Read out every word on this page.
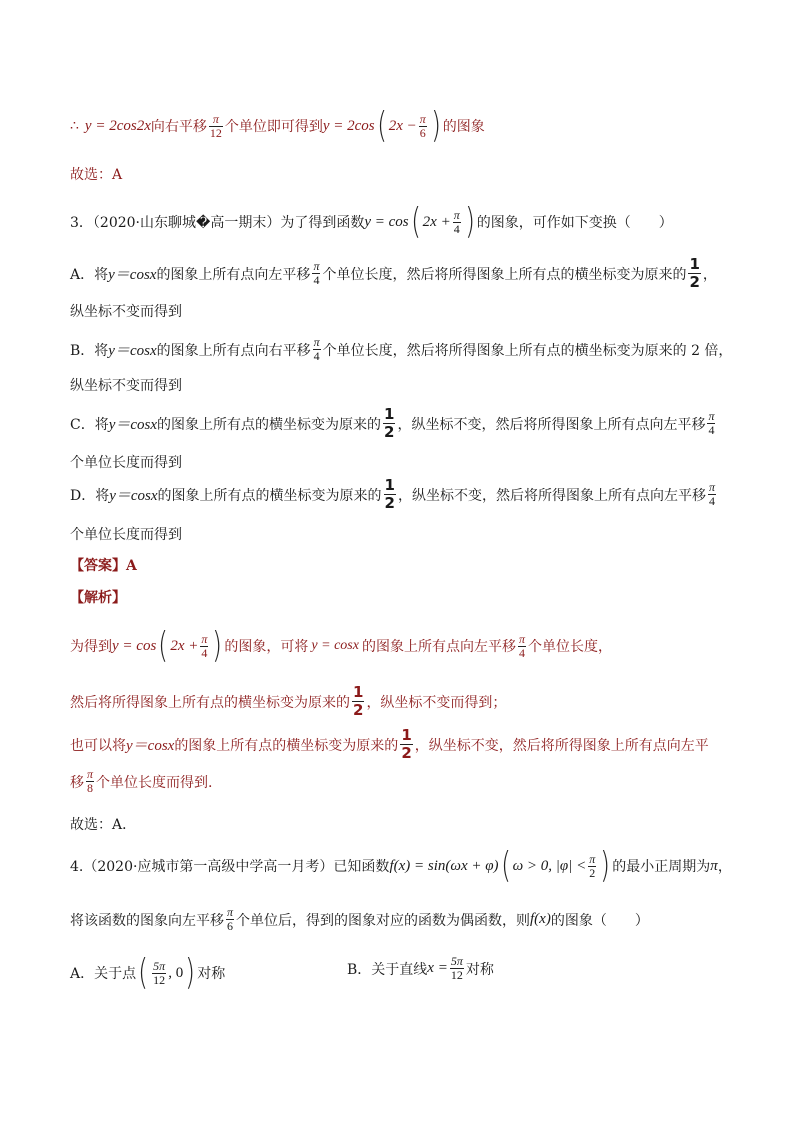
∴ y = 2cos2x 向右平移 $\frac{\pi}{12}$ 个单位即可得到 y = 2cos ( $2x - \frac{\pi}{6}$ ) 的图象
故选：A
3．（2020·山东聊城�高一期末）为了得到函数 y = cos ( $2x + \frac{\pi}{4}$ ) 的图象，可作如下变换（　　）
A．将 y＝cosx 的图象上所有点向左平移 $\frac{\pi}{4}$ 个单位长度，然后将所得图象上所有点的横坐标变为原来的 $\frac{1}{2}$ ，
纵坐标不变而得到
B．将 y＝cosx 的图象上所有点向右平移 $\frac{\pi}{4}$ 个单位长度，然后将所得图象上所有点的横坐标变为原来的 2 倍，
纵坐标不变而得到
C．将 y＝cosx 的图象上所有点的横坐标变为原来的 $\frac{1}{2}$ ，纵坐标不变，然后将所得图象上所有点向左平移 $\frac{\pi}{4}$
个单位长度而得到
D．将 y＝cosx 的图象上所有点的横坐标变为原来的 $\frac{1}{2}$ ，纵坐标不变，然后将所得图象上所有点向左平移 $\frac{\pi}{4}$
个单位长度而得到
【答案】A
【解析】
为得到 y = cos ( $2x + \frac{\pi}{4}$ ) 的图象，可将 y = cosx 的图象上所有点向左平移 $\frac{\pi}{4}$ 个单位长度，
然后将所得图象上所有点的横坐标变为原来的 $\frac{1}{2}$ ，纵坐标不变而得到；
也可以将 y＝cosx 的图象上所有点的横坐标变为原来的 $\frac{1}{2}$ ，纵坐标不变，然后将所得图象上所有点向左平
移 $\frac{\pi}{8}$ 个单位长度而得到.
故选：A．
4.（2020·应城市第一高级中学高一月考）已知函数 f(x) = sin(ωx + φ) ( ω > 0, $|\varphi| < \frac{\pi}{2}$ ) 的最小正周期为 π ，
将该函数的图象向左平移 $\frac{\pi}{6}$ 个单位后，得到的图象对应的函数为偶函数，则 f(x) 的图象（　　）
A．关于点 ( $\frac{5\pi}{12}$ , 0 ) 对称	B．关于直线 $x = \frac{5\pi}{12}$ 对称
